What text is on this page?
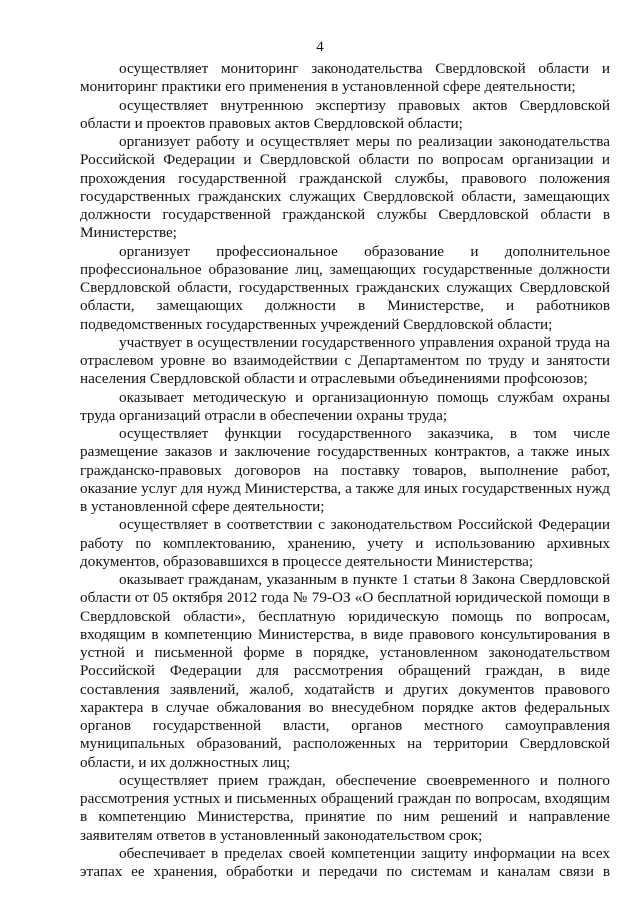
4

осуществляет мониторинг законодательства Свердловской области и мониторинг практики его применения в установленной сфере деятельности;

осуществляет внутреннюю экспертизу правовых актов Свердловской области и проектов правовых актов Свердловской области;

организует работу и осуществляет меры по реализации законодательства Российской Федерации и Свердловской области по вопросам организации и прохождения государственной гражданской службы, правового положения государственных гражданских служащих Свердловской области, замещающих должности государственной гражданской службы Свердловской области в Министерстве;

организует профессиональное образование и дополнительное профессиональное образование лиц, замещающих государственные должности Свердловской области, государственных гражданских служащих Свердловской области, замещающих должности в Министерстве, и работников подведомственных государственных учреждений Свердловской области;

участвует в осуществлении государственного управления охраной труда на отраслевом уровне во взаимодействии с Департаментом по труду и занятости населения Свердловской области и отраслевыми объединениями профсоюзов;

оказывает методическую и организационную помощь службам охраны труда организаций отрасли в обеспечении охраны труда;

осуществляет функции государственного заказчика, в том числе размещение заказов и заключение государственных контрактов, а также иных гражданско-правовых договоров на поставку товаров, выполнение работ, оказание услуг для нужд Министерства, а также для иных государственных нужд в установленной сфере деятельности;

осуществляет в соответствии с законодательством Российской Федерации работу по комплектованию, хранению, учету и использованию архивных документов, образовавшихся в процессе деятельности Министерства;

оказывает гражданам, указанным в пункте 1 статьи 8 Закона Свердловской области от 05 октября 2012 года № 79-ОЗ «О бесплатной юридической помощи в Свердловской области», бесплатную юридическую помощь по вопросам, входящим в компетенцию Министерства, в виде правового консультирования в устной и письменной форме в порядке, установленном законодательством Российской Федерации для рассмотрения обращений граждан, в виде составления заявлений, жалоб, ходатайств и других документов правового характера в случае обжалования во внесудебном порядке актов федеральных органов государственной власти, органов местного самоуправления муниципальных образований, расположенных на территории Свердловской области, и их должностных лиц;

осуществляет прием граждан, обеспечение своевременного и полного рассмотрения устных и письменных обращений граждан по вопросам, входящим в компетенцию Министерства, принятие по ним решений и направление заявителям ответов в установленный законодательством срок;

обеспечивает в пределах своей компетенции защиту информации на всех этапах ее хранения, обработки и передачи по системам и каналам связи в
